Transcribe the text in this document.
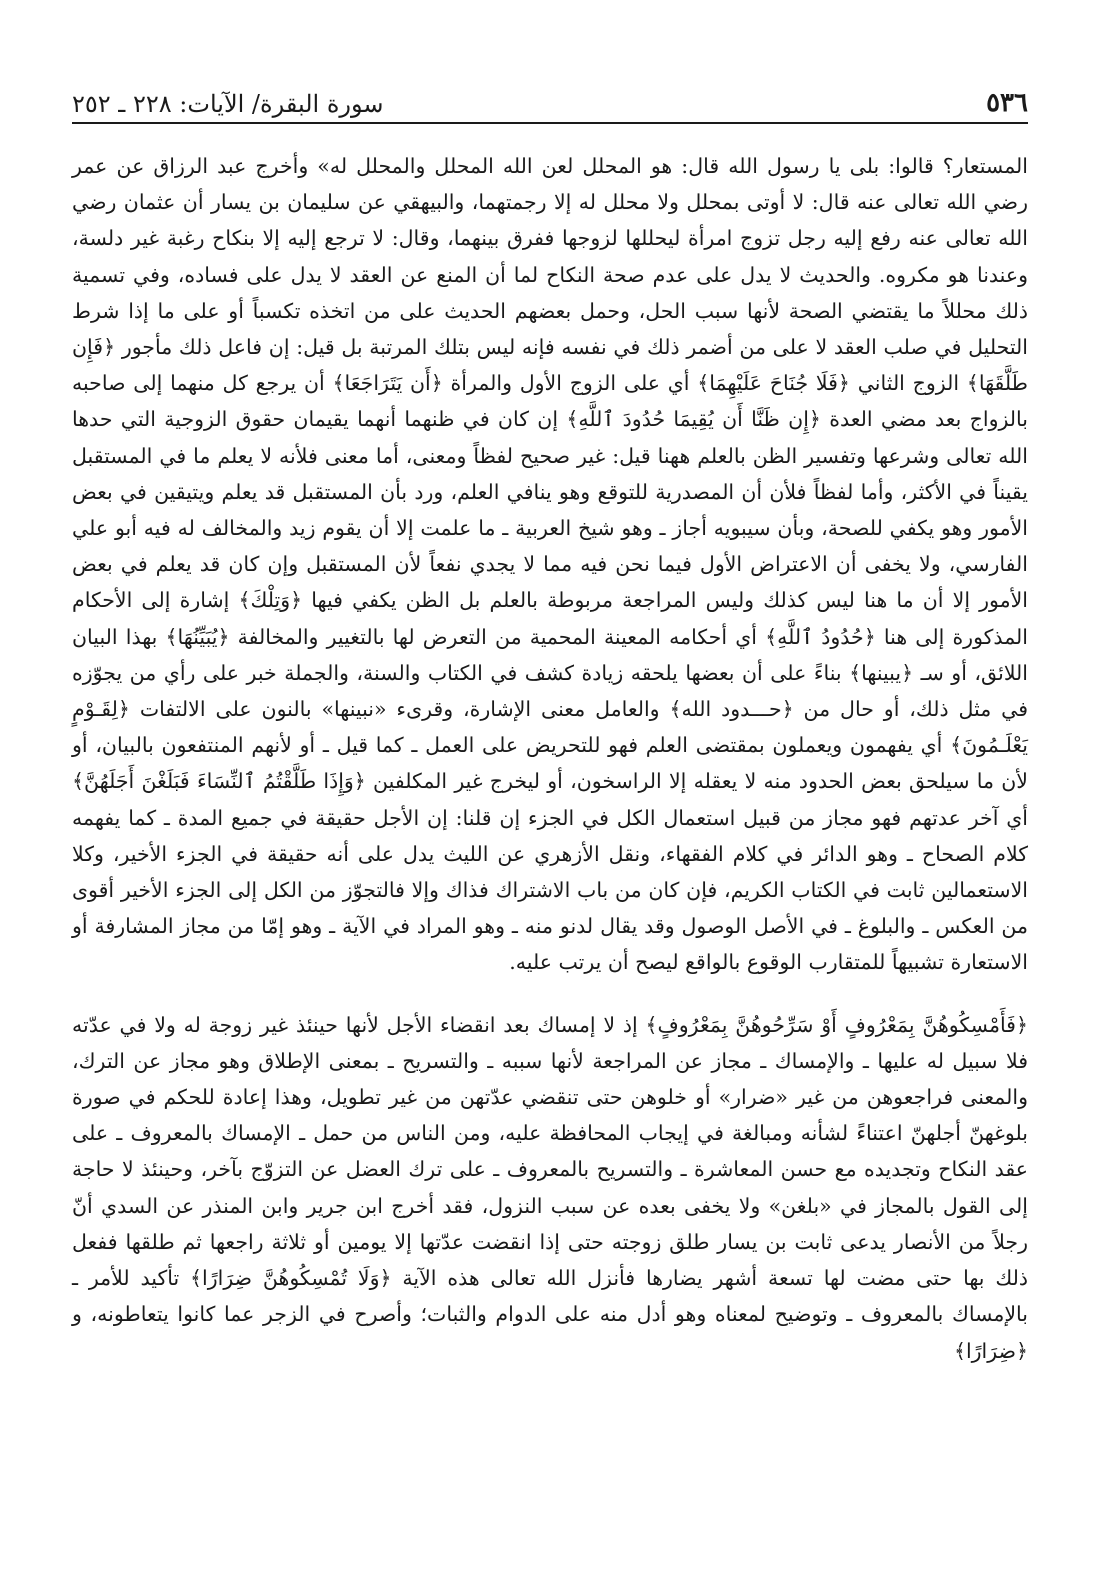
٥٣٦
سورة البقرة/ الآيات: ٢٢٨ ـ ٢٥٢

المستعار؟ قالوا: بلى يا رسول الله قال: هو المحلل لعن الله المحلل والمحلل له» وأخرج عبد الرزاق عن عمر رضي الله تعالى عنه قال: لا أوتى بمحلل ولا محلل له إلا رجمتهما، والبيهقي عن سليمان بن يسار أن عثمان رضي الله تعالى عنه رفع إليه رجل تزوج امرأة ليحللها لزوجها ففرق بينهما، وقال: لا ترجع إليه إلا بنكاح رغبة غير دلسة، وعندنا هو مكروه. والحديث لا يدل على عدم صحة النكاح لما أن المنع عن العقد لا يدل على فساده، وفي تسمية ذلك محللاً ما يقتضي الصحة لأنها سبب الحل، وحمل بعضهم الحديث على من اتخذه تكسباً أو على ما إذا شرط التحليل في صلب العقد لا على من أضمر ذلك في نفسه فإنه ليس بتلك المرتبة بل قيل: إن فاعل ذلك مأجور ﴿فَإِن طَلَّقَهَا﴾ الزوج الثاني ﴿فَلَا جُنَاحَ عَلَيْهِمَا﴾ أي على الزوج الأول والمرأة ﴿أَن يَتَرَاجَعَا﴾ أن يرجع كل منهما إلى صاحبه بالزواج بعد مضي العدة ﴿إِن ظَنَّا أَن يُقِيمَا حُدُودَ ٱللَّهِ﴾ إن كان في ظنهما أنهما يقيمان حقوق الزوجية التي حدها الله تعالى وشرعها وتفسير الظن بالعلم ههنا قيل: غير صحيح لفظاً ومعنى، أما معنى فلأنه لا يعلم ما في المستقبل يقيناً في الأكثر، وأما لفظاً فلأن أن المصدرية للتوقع وهو ينافي العلم، ورد بأن المستقبل قد يعلم ويتيقين في بعض الأمور وهو يكفي للصحة، وبأن سيبويه أجاز ـ وهو شيخ العربية ـ ما علمت إلا أن يقوم زيد والمخالف له فيه أبو علي الفارسي، ولا يخفى أن الاعتراض الأول فيما نحن فيه مما لا يجدي نفعاً لأن المستقبل وإن كان قد يعلم في بعض الأمور إلا أن ما هنا ليس كذلك وليس المراجعة مربوطة بالعلم بل الظن يكفي فيها ﴿وَتِلْكَ﴾ إشارة إلى الأحكام المذكورة إلى هنا ﴿حُدُودُ ٱللَّهِ﴾ أي أحكامه المعينة المحمية من التعرض لها بالتغيير والمخالفة ﴿يُبَيِّنُهَا﴾ بهذا البيان اللائق، أو سـ ﴿يبينها﴾ بناءً على أن بعضها يلحقه زيادة كشف في الكتاب والسنة، والجملة خبر على رأي من يجوّزه في مثل ذلك، أو حال من ﴿حـــدود الله﴾ والعامل معنى الإشارة، وقرىء «نبينها» بالنون على الالتفات ﴿لِقَـوْمٍ يَعْلَـمُونَ﴾ أي يفهمون ويعملون بمقتضى العلم فهو للتحريض على العمل ـ كما قيل ـ أو لأنهم المنتفعون بالبيان، أو لأن ما سيلحق بعض الحدود منه لا يعقله إلا الراسخون، أو ليخرج غير المكلفين ﴿وَإِذَا طَلَّقْتُمُ ٱلنِّسَاءَ فَبَلَغْنَ أَجَلَهُنَّ﴾ أي آخر عدتهم فهو مجاز من قبيل استعمال الكل في الجزء إن قلنا: إن الأجل حقيقة في جميع المدة ـ كما يفهمه كلام الصحاح ـ وهو الدائر في كلام الفقهاء، ونقل الأزهري عن الليث يدل على أنه حقيقة في الجزء الأخير، وكلا الاستعمالين ثابت في الكتاب الكريم، فإن كان من باب الاشتراك فذاك وإلا فالتجوّز من الكل إلى الجزء الأخير أقوى من العكس ـ والبلوغ ـ في الأصل الوصول وقد يقال لدنو منه ـ وهو المراد في الآية ـ وهو إمّا من مجاز المشارفة أو الاستعارة تشبيهاً للمتقارب الوقوع بالواقع ليصح أن يرتب عليه.

﴿فَأَمْسِكُوهُنَّ بِمَعْرُوفٍ أَوْ سَرِّحُوهُنَّ بِمَعْرُوفٍ﴾ إذ لا إمساك بعد انقضاء الأجل لأنها حينئذ غير زوجة له ولا في عدّته فلا سبيل له عليها ـ والإمساك ـ مجاز عن المراجعة لأنها سببه ـ والتسريح ـ بمعنى الإطلاق وهو مجاز عن الترك، والمعنى فراجعوهن من غير «ضرار» أو خلوهن حتى تنقضي عدّتهن من غير تطويل، وهذا إعادة للحكم في صورة بلوغهنّ أجلهنّ اعتناءً لشأنه ومبالغة في إيجاب المحافظة عليه، ومن الناس من حمل ـ الإمساك بالمعروف ـ على عقد النكاح وتجديده مع حسن المعاشرة ـ والتسريح بالمعروف ـ على ترك العضل عن التزوّج بآخر، وحينئذ لا حاجة إلى القول بالمجاز في «بلغن» ولا يخفى بعده عن سبب النزول، فقد أخرج ابن جرير وابن المنذر عن السدي أنّ رجلاً من الأنصار يدعى ثابت بن يسار طلق زوجته حتى إذا انقضت عدّتها إلا يومين أو ثلاثة راجعها ثم طلقها ففعل ذلك بها حتى مضت لها تسعة أشهر يضارها فأنزل الله تعالى هذه الآية ﴿وَلَا تُمْسِكُوهُنَّ ضِرَارًا﴾ تأكيد للأمر ـ بالإمساك بالمعروف ـ وتوضيح لمعناه وهو أدل منه على الدوام والثبات؛ وأصرح في الزجر عما كانوا يتعاطونه، و ﴿ضِرَارًا﴾
